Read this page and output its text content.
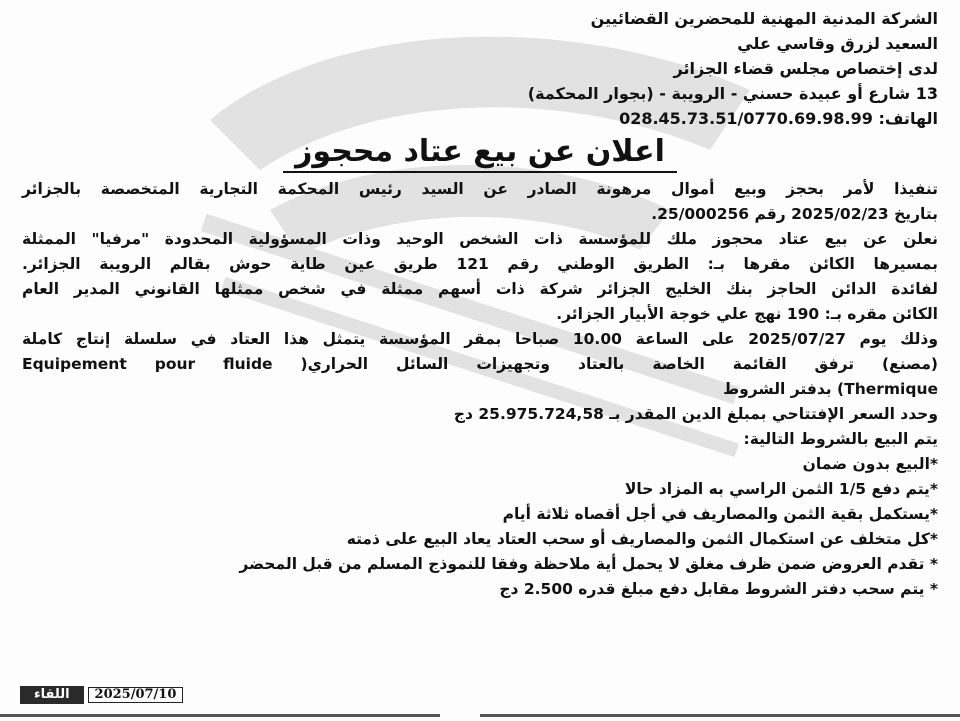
الشركة المدنية المهنية للمحضرين القضائيين
السعيد لزرق وقاسي علي
لدى إختصاص مجلس قضاء الجزائر
13 شارع أو عبيدة حسني - الرويبة - (بجوار المحكمة)
الهاتف: 028.45.73.51/0770.69.98.99
اعلان عن بيع عتاد محجوز
تنفيذا لأمر بحجز وبيع أموال مرهونة الصادر عن السيد رئيس المحكمة التجارية المتخصصة بالجزائر
بتاريخ 2025/02/23 رقم 25/000256.
نعلن عن بيع عتاد محجوز ملك للمؤسسة ذات الشخص الوحيد وذات المسؤولية المحدودة "مرفيا" الممثلة
بمسيرها الكائن مقرها بـ: الطريق الوطني رقم 121 طريق عين طاية حوش بقالم الرويبة الجزائر.
لفائدة الدائن الحاجز بنك الخليج الجزائر شركة ذات أسهم ممثلة في شخص ممثلها القانوني المدير العام
الكائن مقره بـ: 190 نهج علي خوجة الأبيار الجزائر.
وذلك يوم 2025/07/27 على الساعة 10.00 صباحا بمقر المؤسسة يتمثل هذا العتاد في سلسلة إنتاج كاملة
(مصنع) ترفق القائمة الخاصة بالعتاد وتجهيزات السائل الحراري( Equipement pour fluide
Thermique) بدفتر الشروط
وحدد السعر الإفتتاحي بمبلغ الدين المقدر بـ 25.975.724,58 دج
يتم البيع بالشروط التالية:
*البيع بدون ضمان
*يتم دفع 1/5 الثمن الراسي به المزاد حالا
*يستكمل بقية الثمن والمصاريف في أجل أقصاه ثلاثة أيام
*كل متخلف عن استكمال الثمن والمصاريف أو سحب العتاد يعاد البيع على ذمته
* تقدم العروض ضمن ظرف مغلق لا يحمل أية ملاحظة وفقا للنموذج المسلم من قبل المحضر
* يتم سحب دفتر الشروط مقابل دفع مبلغ قدره 2.500 دج
اللقاء	2025/07/10
